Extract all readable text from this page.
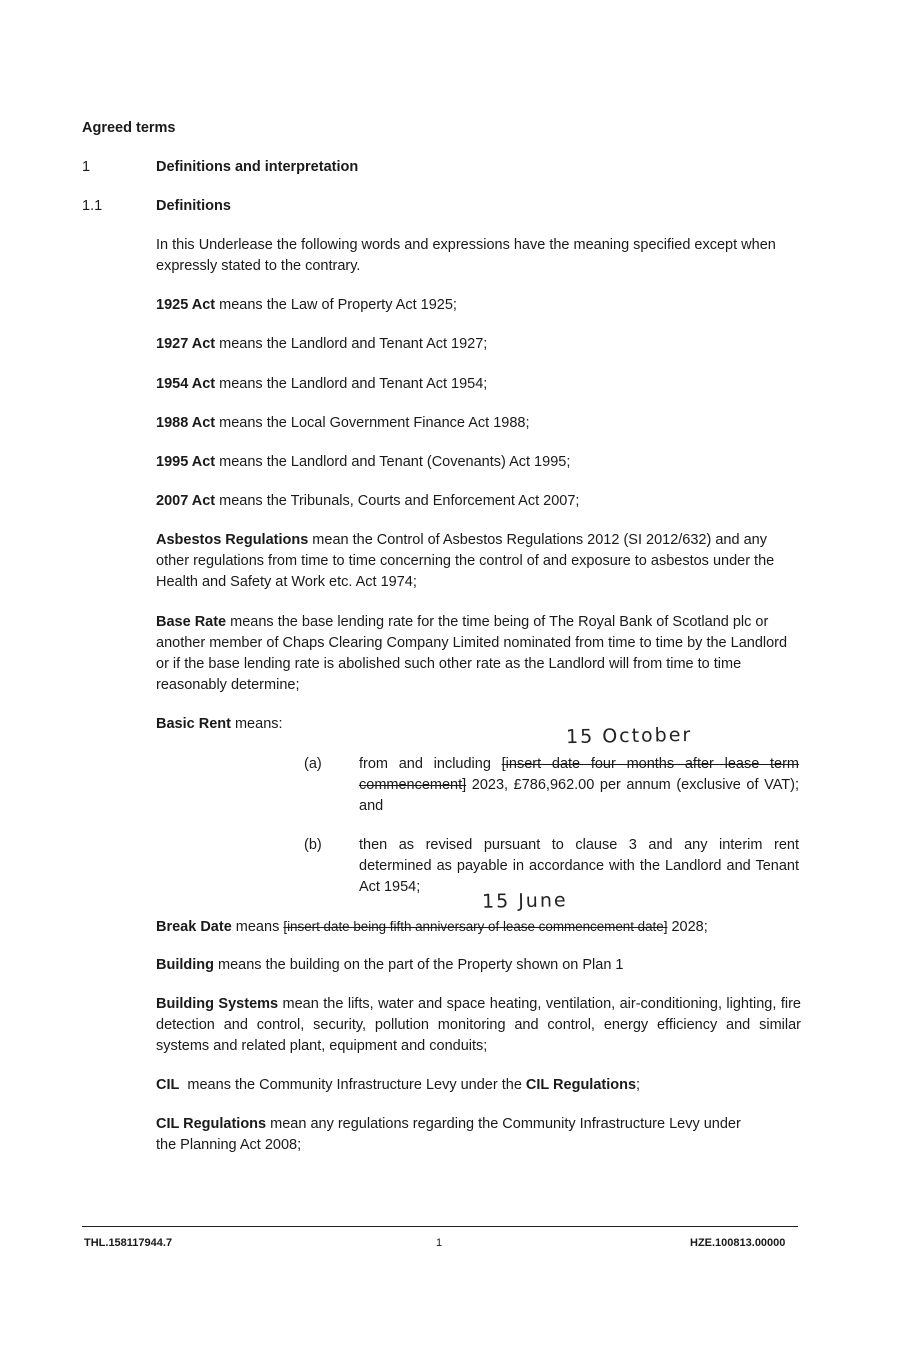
Agreed terms
1	Definitions and interpretation
1.1	Definitions
In this Underlease the following words and expressions have the meaning specified except when expressly stated to the contrary.
1925 Act means the Law of Property Act 1925;
1927 Act means the Landlord and Tenant Act 1927;
1954 Act means the Landlord and Tenant Act 1954;
1988 Act means the Local Government Finance Act 1988;
1995 Act means the Landlord and Tenant (Covenants) Act 1995;
2007 Act means the Tribunals, Courts and Enforcement Act 2007;
Asbestos Regulations mean the Control of Asbestos Regulations 2012 (SI 2012/632) and any other regulations from time to time concerning the control of and exposure to asbestos under the Health and Safety at Work etc. Act 1974;
Base Rate means the base lending rate for the time being of The Royal Bank of Scotland plc or another member of Chaps Clearing Company Limited nominated from time to time by the Landlord or if the base lending rate is abolished such other rate as the Landlord will from time to time reasonably determine;
Basic Rent means:	15 October
(a)	from and including [insert date four months after lease term commencement] 2023, £786,962.00 per annum (exclusive of VAT); and
(b)	then as revised pursuant to clause 3 and any interim rent determined as payable in accordance with the Landlord and Tenant Act 1954;
15 June
Break Date means [insert date being fifth anniversary of lease commencement date] 2028;
Building means the building on the part of the Property shown on Plan 1
Building Systems mean the lifts, water and space heating, ventilation, air-conditioning, lighting, fire detection and control, security, pollution monitoring and control, energy efficiency and similar systems and related plant, equipment and conduits;
CIL  means the Community Infrastructure Levy under the CIL Regulations;
CIL Regulations mean any regulations regarding the Community Infrastructure Levy under the Planning Act 2008;
THL.158117944.7	1	HZE.100813.00000
